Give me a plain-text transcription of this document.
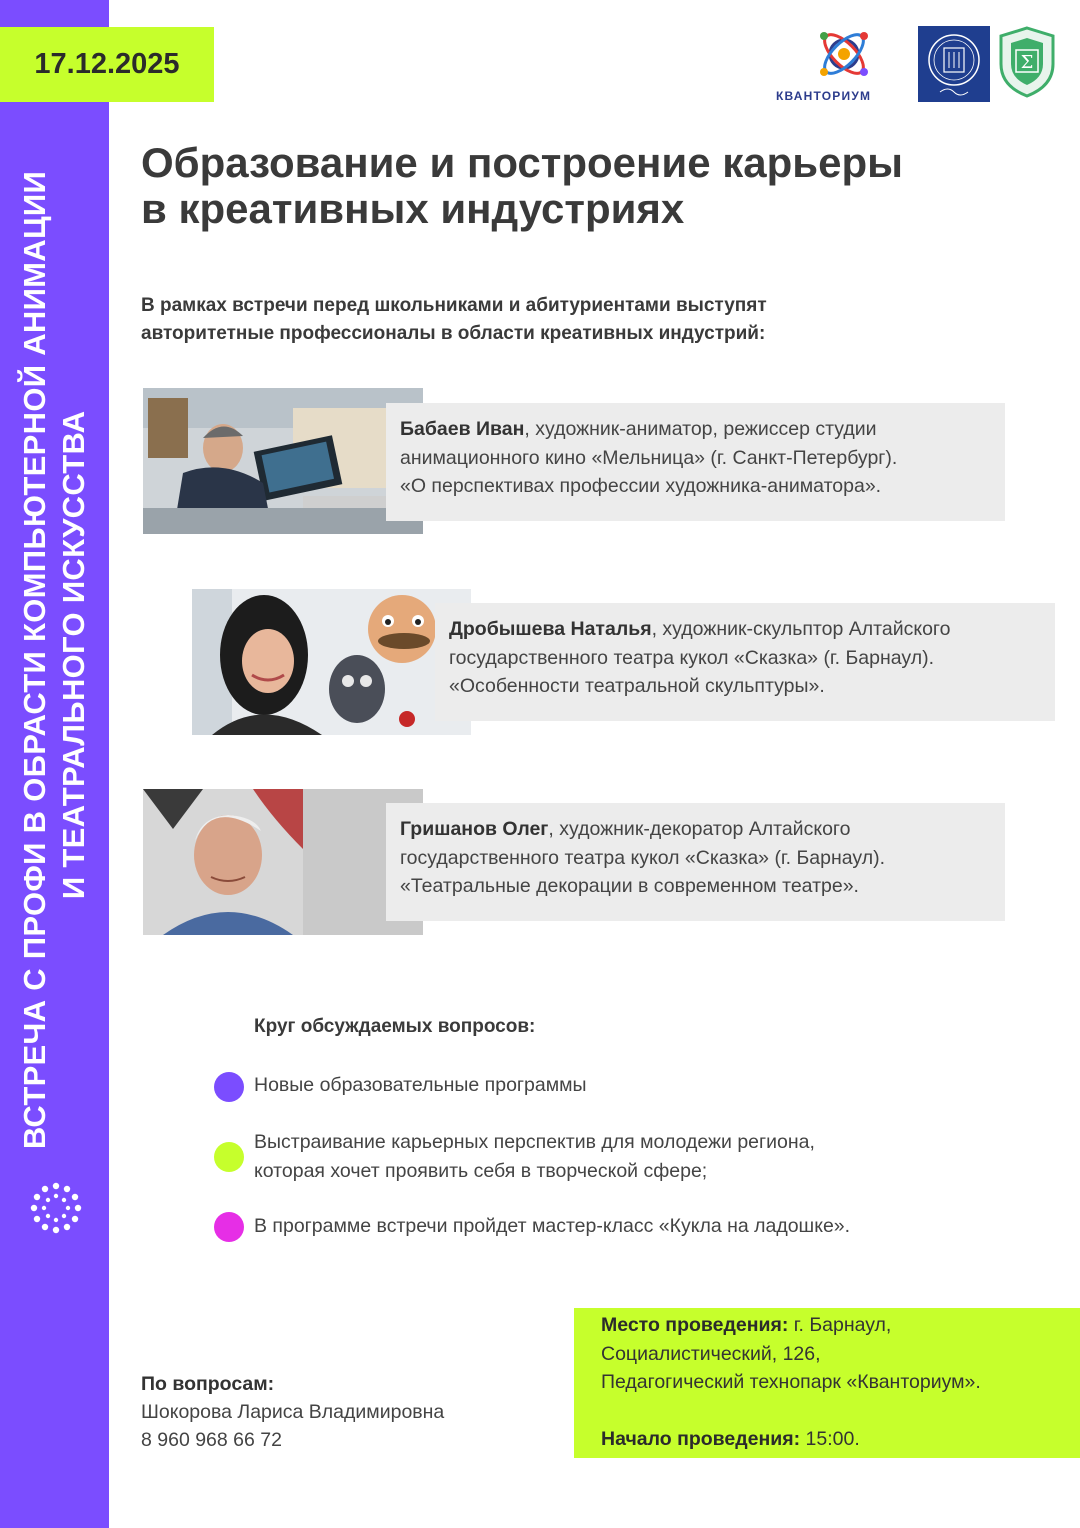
ВСТРЕЧА С ПРОФИ В ОБРАСТИ КОМПЬЮТЕРНОЙ АНИМАЦИИ И ТЕАТРАЛЬНОГО ИСКУССТВА
17.12.2025
КВАНТОРИУМ
Σ
Образование и построение карьеры
в креативных индустриях
В рамках встречи перед школьниками и абитуриентами выступят
авторитетные профессионалы в области креативных индустрий:
Бабаев Иван, художник-аниматор, режиссер студии
анимационного кино «Мельница» (г. Санкт-Петербург).
«О перспективах профессии художника-аниматора».
Дробышева Наталья, художник-скульптор Алтайского
государственного театра кукол «Сказка» (г. Барнаул).
«Особенности театральной скульптуры».
Гришанов Олег, художник-декоратор Алтайского
государственного театра кукол «Сказка» (г. Барнаул).
«Театральные декорации в современном театре».
Круг обсуждаемых вопросов:
Новые образовательные программы
Выстраивание карьерных перспектив для молодежи региона,
которая хочет проявить себя в творческой сфере;
В программе встречи пройдет мастер-класс «Кукла на ладошке».
По вопросам:
Шокорова Лариса Владимировна
8 960 968 66 72
Место проведения: г. Барнаул,
Социалистический, 126,
Педагогический технопарк «Кванториум».
Начало проведения: 15:00.
